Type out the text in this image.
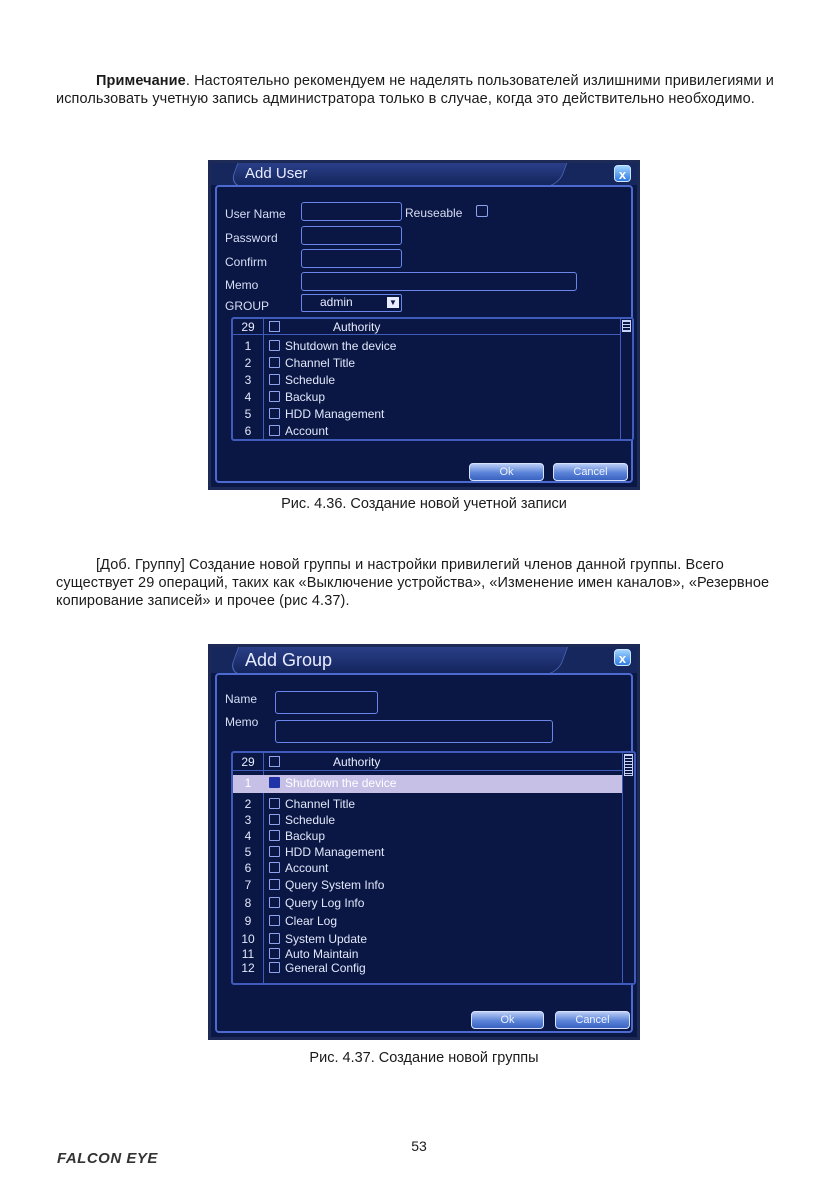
Примечание. Настоятельно рекомендуем не наделять пользователей излишними привилегиями и использовать учетную запись администратора только в случае, когда это действительно необходимо.
Add User	x
User Name	Reuseable
Password
Confirm
Memo
GROUP	admin	▼
29	Authority
1	Shutdown the device
2	Channel Title
3	Schedule
4	Backup
5	HDD Management
6	Account
Ok	Cancel
Рис. 4.36. Создание новой учетной записи
[Доб. Группу] Создание новой группы и настройки привилегий членов данной группы. Всего существует 29 операций, таких как «Выключение устройства», «Изменение имен каналов», «Резервное копирование записей» и прочее (рис 4.37).
Add Group	x
Name
Memo
29	Authority
1	Shutdown the device
2	Channel Title
3	Schedule
4	Backup
5	HDD Management
6	Account
7	Query System Info
8	Query Log Info
9	Clear Log
10	System Update
11	Auto Maintain
12	General Config
Ok	Cancel
Рис. 4.37. Создание новой группы
53
FALCON EYE
